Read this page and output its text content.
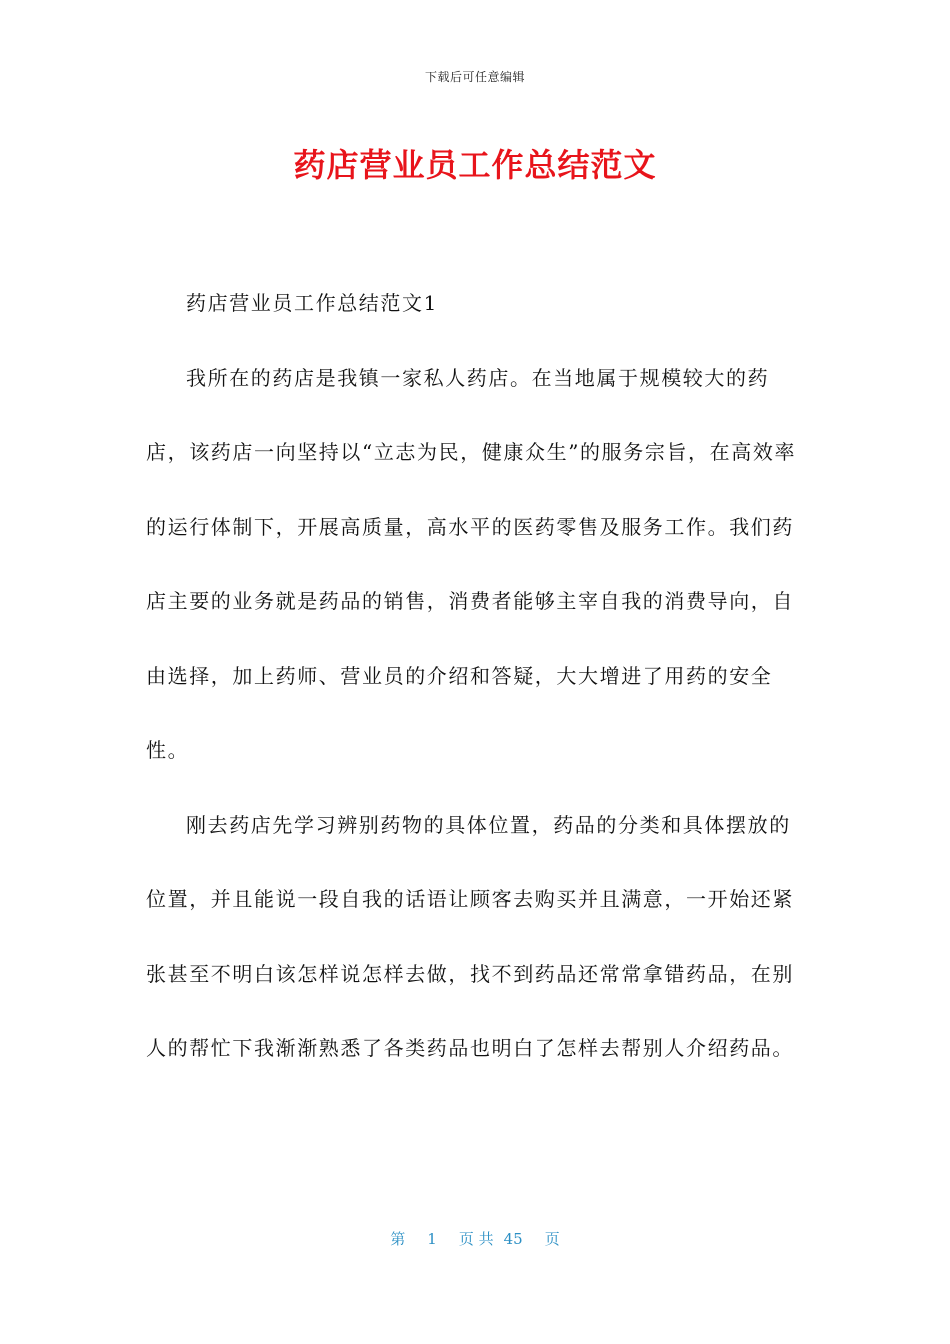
下载后可任意编辑
药店营业员工作总结范文

药店营业员工作总结范文1

我所在的药店是我镇一家私人药店。在当地属于规模较大的药店，该药店一向坚持以“立志为民，健康众生”的服务宗旨，在高效率的运行体制下，开展高质量，高水平的医药零售及服务工作。我们药店主要的业务就是药品的销售，消费者能够主宰自我的消费导向，自由选择，加上药师、营业员的介绍和答疑，大大增进了用药的安全性。

刚去药店先学习辨别药物的具体位置，药品的分类和具体摆放的位置，并且能说一段自我的话语让顾客去购买并且满意，一开始还紧张甚至不明白该怎样说怎样去做，找不到药品还常常拿错药品，在别人的帮忙下我渐渐熟悉了各类药品也明白了怎样去帮别人介绍药品。

第 1 页 共 45 页
